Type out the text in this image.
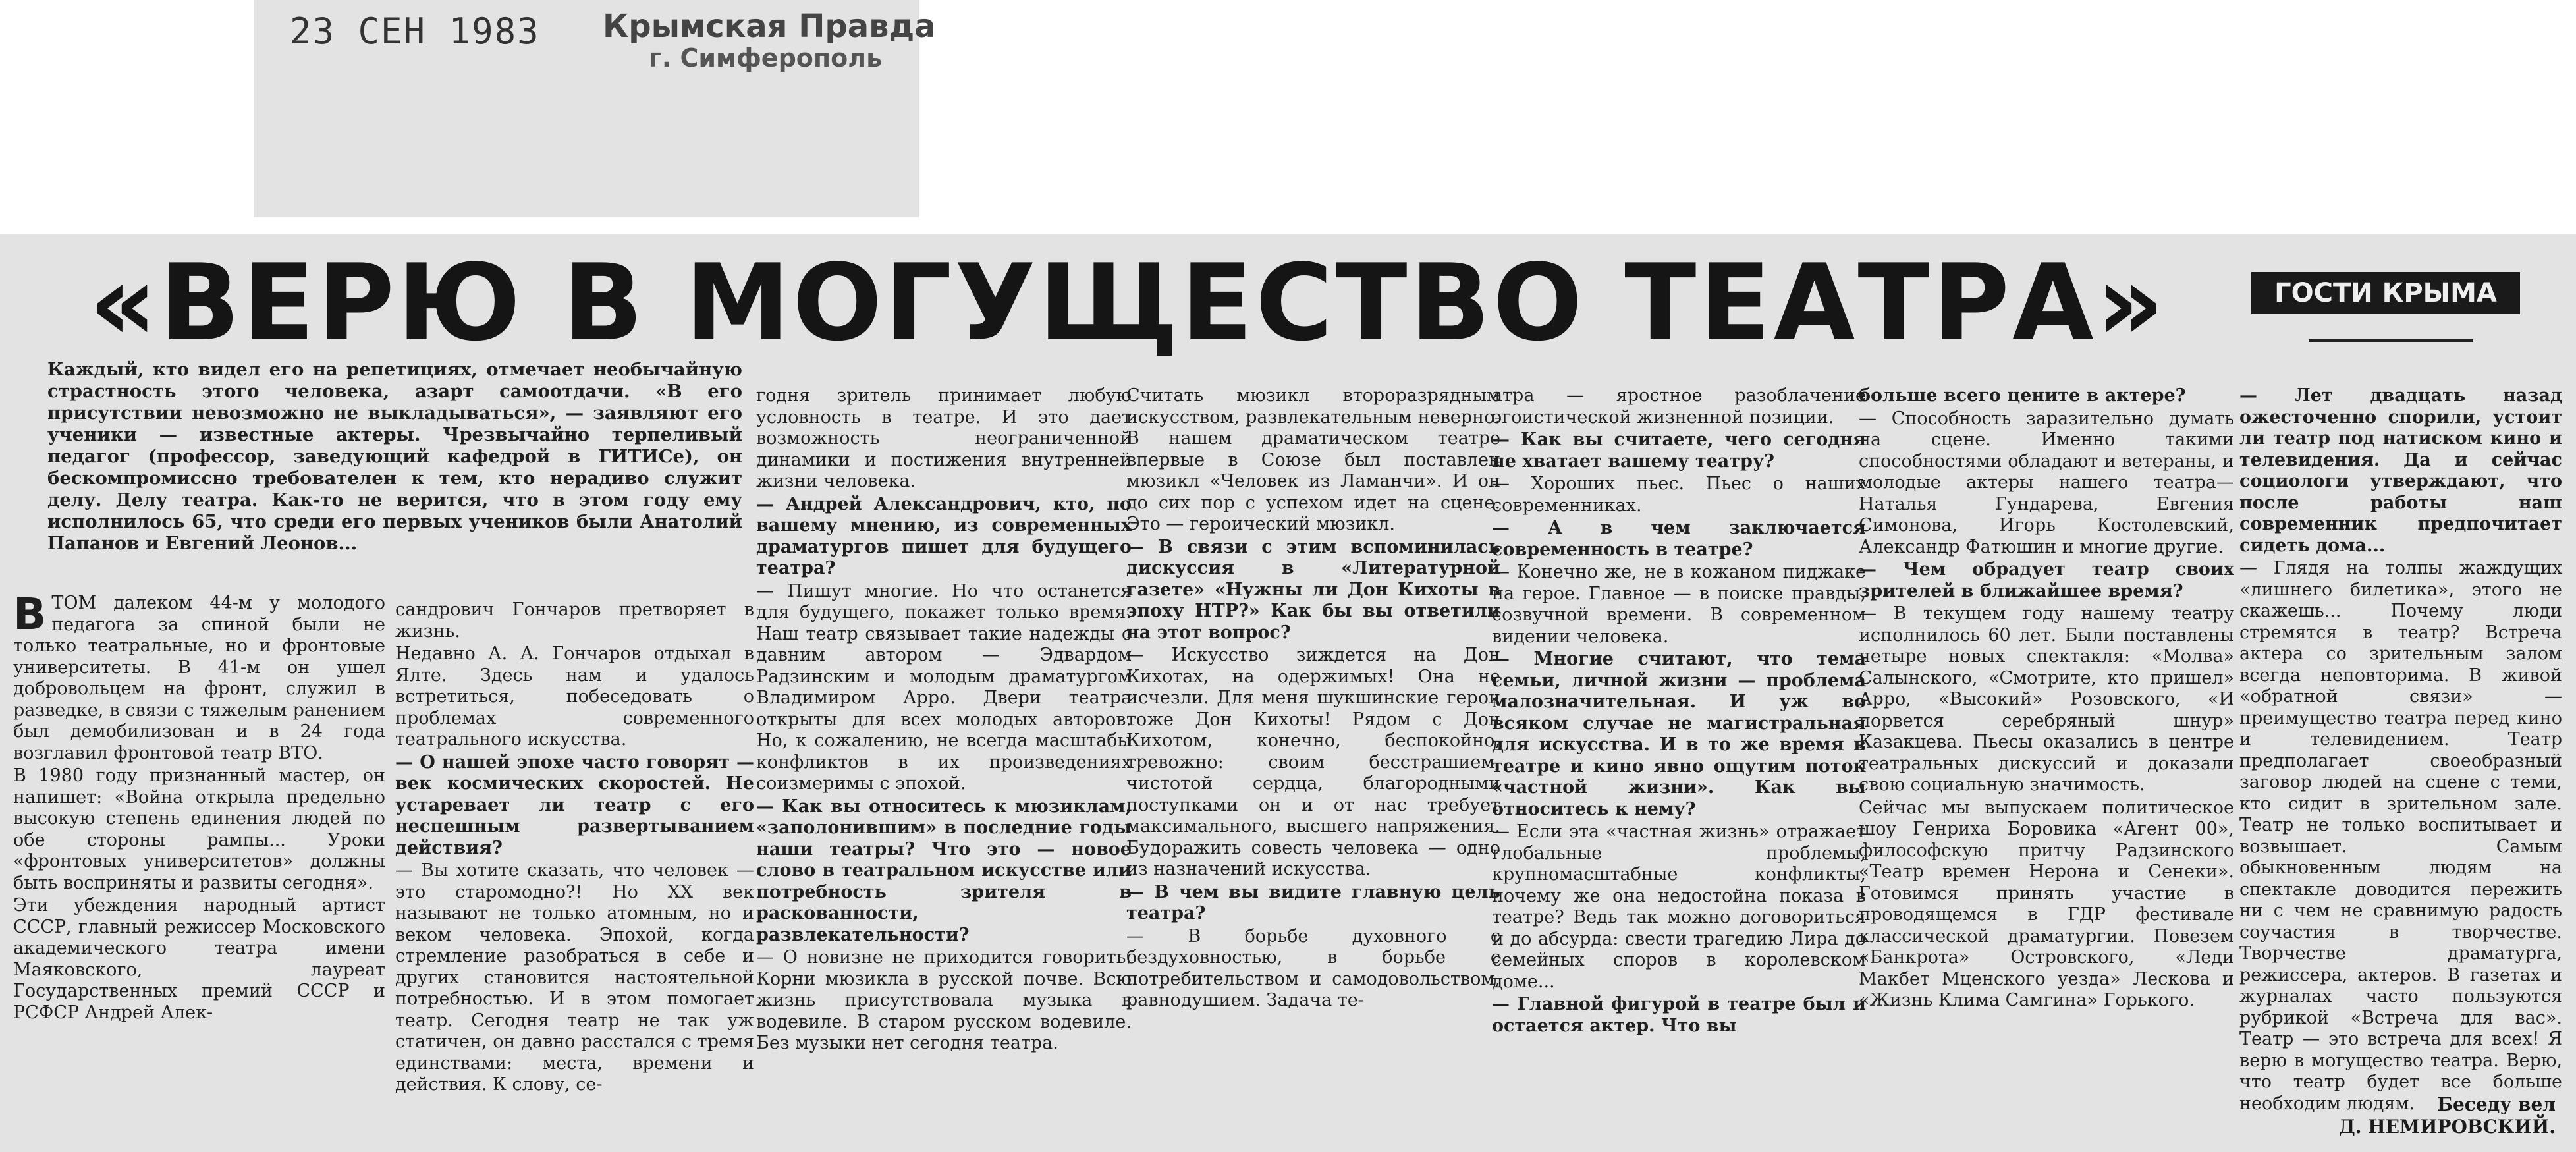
23 СЕН 1983 Крымская Правда
г. Симферополь
«ВЕРЮ В МОГУЩЕСТВО ТЕАТРА»	ГОСТИ КРЫМА
Каждый, кто видел его на репетициях, отмечает необычайную страстность этого человека, азарт самоотдачи. «В его присутствии невозможно не выкладываться», — заявляют его ученики — известные актеры. Чрезвычайно терпеливый педагог (профессор, заведующий кафедрой в ГИТИСе), он бескомпромиссно требователен к тем, кто нерадиво служит делу. Делу театра. Как-то не верится, что в этом году ему исполнилось 65, что среди его первых учеников были Анатолий Папанов и Евгений Леонов...

ВТОМ далеком 44-м у молодого педагога за спиной были не только театральные, но и фронтовые университеты. В 41-м он ушел добровольцем на фронт, служил в разведке, в связи с тяжелым ранением был демобилизован и в 24 года возглавил фронтовой театр ВТО.

В 1980 году признанный мастер, он напишет: «Война открыла предельно высокую степень единения людей по обе стороны рампы... Уроки «фронтовых университетов» должны быть восприняты и развиты сегодня».

Эти убеждения народный артист СССР, главный режиссер Московского академического театра имени Маяковского, лауреат Государственных премий СССР и РСФСР Андрей Алек-

сандрович Гончаров претворяет в жизнь.

Недавно А. А. Гончаров отдыхал в Ялте. Здесь нам и удалось встретиться, побеседовать о проблемах современного театрального искусства.

— О нашей эпохе часто говорят — век космических скоростей. Не устаревает ли театр с его неспешным развертыванием действия?

— Вы хотите сказать, что человек — это старомодно?! Но XX век называют не только атомным, но и веком человека. Эпохой, когда стремление разобраться в себе и других становится настоятельной потребностью. И в этом помогает театр. Сегодня театр не так уж статичен, он давно расстался с тремя единствами: места, времени и действия. К слову, се-

годня зритель принимает любую условность в театре. И это дает возможность неограниченной динамики и постижения внутренней жизни человека.

— Андрей Александрович, кто, по вашему мнению, из современных драматургов пишет для будущего театра?

— Пишут многие. Но что останется для будущего, покажет только время. Наш театр связывает такие надежды с давним автором — Эдвардом Радзинским и молодым драматургом Владимиром Арро. Двери театра открыты для всех молодых авторов. Но, к сожалению, не всегда масштабы конфликтов в их произведениях соизмеримы с эпохой.

— Как вы относитесь к мюзиклам, «заполонившим» в последние годы наши театры? Что это — новое слово в театральном искусстве или потребность зрителя в раскованности, развлекательности?

— О новизне не приходится говорить. Корни мюзикла в русской почве. Всю жизнь присутствовала музыка в водевиле. В старом русском водевиле. Без музыки нет сегодня театра.

Считать мюзикл второразрядным искусством, развлекательным неверно. В нашем драматическом театре впервые в Союзе был поставлен мюзикл «Человек из Ламанчи». И он до сих пор с успехом идет на сцене. Это — героический мюзикл.

— В связи с этим вспоминилась дискуссия в «Литературной газете» «Нужны ли Дон Кихоты в эпоху НТР?» Как бы вы ответили на этот вопрос?

— Искусство зиждется на Дон Кихотах, на одержимых! Она не исчезли. Для меня шукшинские герои тоже Дон Кихоты! Рядом с Дон Кихотом, конечно, беспокойно, тревожно: своим бесстрашием, чистотой сердца, благородными поступками он и от нас требует максимального, высшего напряжения. Будоражить совесть человека — одно из назначений искусства.

— В чем вы видите главную цель театра?

— В борьбе духовного с бездуховностью, в борьбе с потребительством и самодовольством, равнодушием. Задача те-

атра — яростное разоблачение эгоистической жизненной позиции.

— Как вы считаете, чего сегодня не хватает вашему театру?

— Хороших пьес. Пьес о наших современниках.

— А в чем заключается современность в театре?

— Конечно же, не в кожаном пиджаке на герое. Главное — в поиске правды, созвучной времени. В современном видении человека.

— Многие считают, что тема семьи, личной жизни — проблема малозначительная. И уж во всяком случае не магистральная для искусства. И в то же время в театре и кино явно ощутим поток «частной жизни». Как вы относитесь к нему?

— Если эта «частная жизнь» отражает глобальные проблемы, крупномасштабные конфликты, почему же она недостойна показа в театре? Ведь так можно договориться и до абсурда: свести трагедию Лира до семейных споров в королевском доме...

— Главной фигурой в театре был и остается актер. Что вы

больше всего цените в актере?

— Способность заразительно думать на сцене. Именно такими способностями обладают и ветераны, и молодые актеры нашего театра—Наталья Гундарева, Евгения Симонова, Игорь Костолевский, Александр Фатюшин и многие другие.

— Чем обрадует театр своих зрителей в ближайшее время?

— В текущем году нашему театру исполнилось 60 лет. Были поставлены четыре новых спектакля: «Молва» Салынского, «Смотрите, кто пришел» Арро, «Высокий» Розовского, «И порвется серебряный шнур» Казакцева. Пьесы оказались в центре театральных дискуссий и доказали свою социальную значимость.

Сейчас мы выпускаем политическое шоу Генриха Боровика «Агент 00», философскую притчу Радзинского «Театр времен Нерона и Сенеки». Готовимся принять участие в проводящемся в ГДР фестивале классической драматургии. Повезем «Банкрота» Островского, «Леди Макбет Мценского уезда» Лескова и «Жизнь Клима Самгина» Горького.

— Лет двадцать назад ожесточенно спорили, устоит ли театр под натиском кино и телевидения. Да и сейчас социологи утверждают, что после работы наш современник предпочитает сидеть дома...

— Глядя на толпы жаждущих «лишнего билетика», этого не скажешь... Почему люди стремятся в театр? Встреча актера со зрительным залом всегда неповторима. В живой «обратной связи» — преимущество театра перед кино и телевидением. Театр предполагает своеобразный заговор людей на сцене с теми, кто сидит в зрительном зале. Театр не только воспитывает и возвышает. Самым обыкновенным людям на спектакле доводится пережить ни с чем не сравнимую радость соучастия в творчестве. Творчестве драматурга, режиссера, актеров. В газетах и журналах часто пользуются рубрикой «Встреча для вас». Театр — это встреча для всех! Я верю в могущество театра. Верю, что театр будет все больше необходим людям.	Беседу вел
Д. НЕМИРОВСКИЙ.
